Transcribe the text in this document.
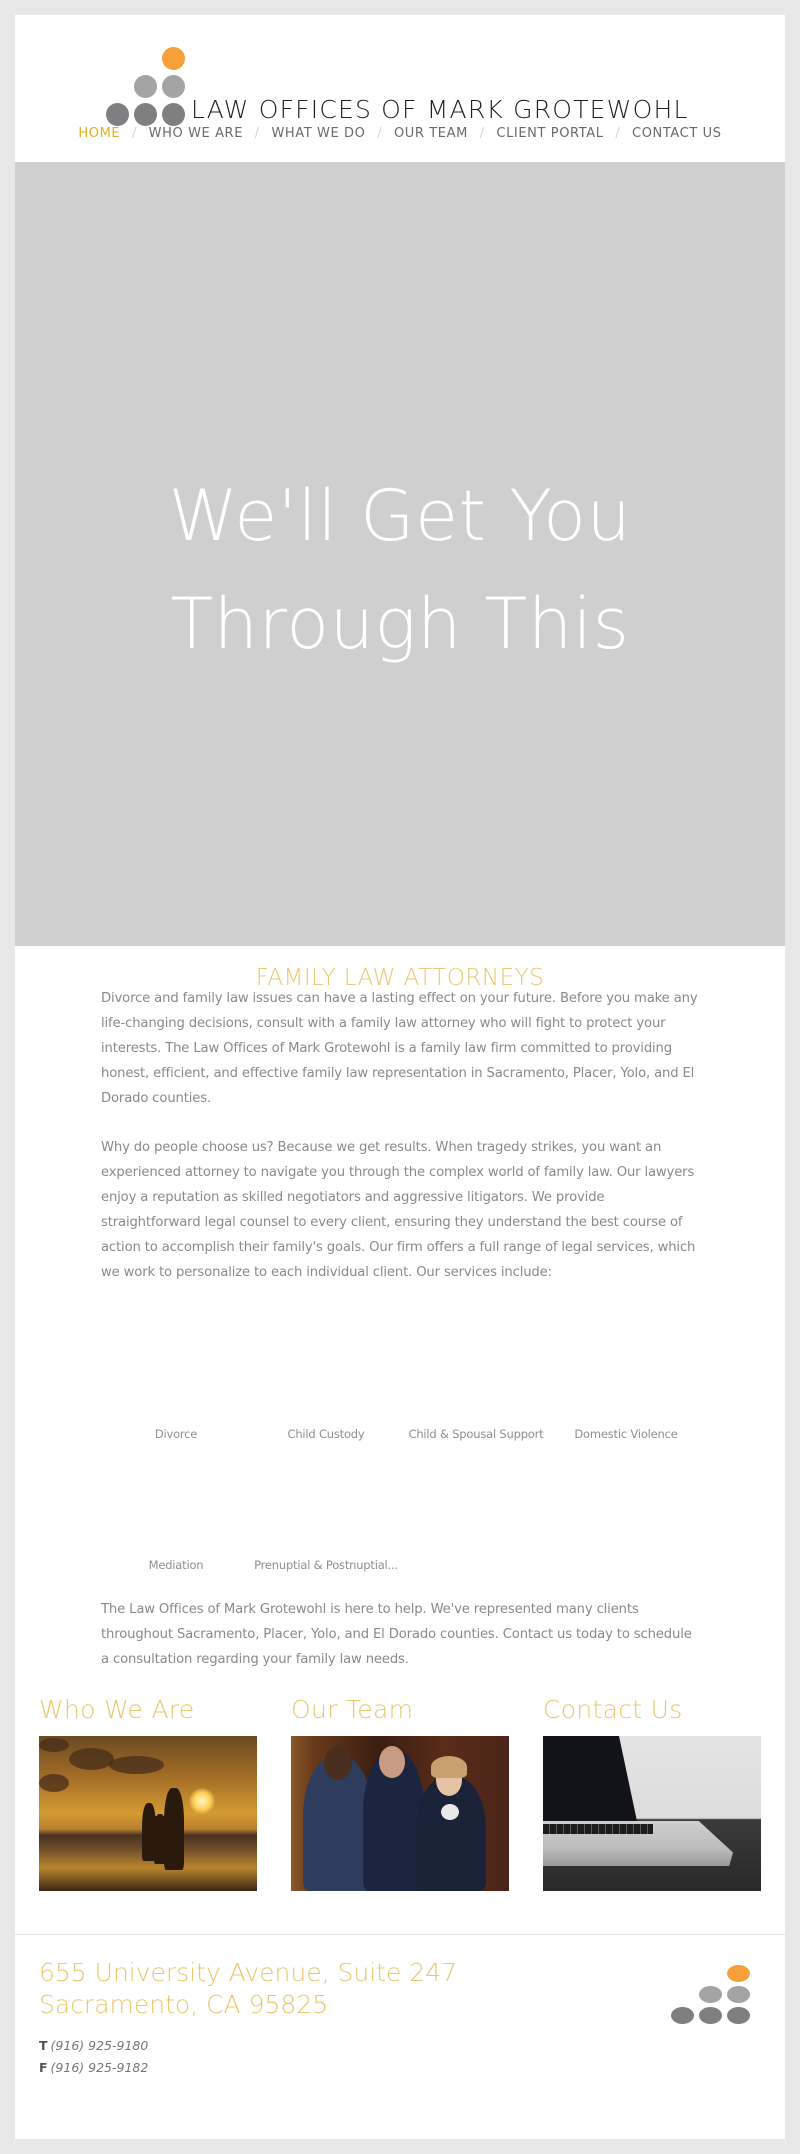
LAW OFFICES OF MARK GROTEWOHL
HOME / WHO WE ARE / WHAT WE DO / OUR TEAM / CLIENT PORTAL / CONTACT US
We'll Get You
Through This

Divorce and family law issues can have a lasting effect on your future. Before you make any life-changing decisions, consult with a family law attorney who will fight to protect your interests. The Law Offices of Mark Grotewohl is a family law firm committed to providing honest, efficient, and effective family law representation in Sacramento, Placer, Yolo, and El Dorado counties.

FAMILY LAW ATTORNEYS

Why do people choose us? Because we get results. When tragedy strikes, you want an experienced attorney to navigate you through the complex world of family law. Our lawyers enjoy a reputation as skilled negotiators and aggressive litigators. We provide straightforward legal counsel to every client, ensuring they understand the best course of action to accomplish their family's goals. Our firm offers a full range of legal services, which we work to personalize to each individual client. Our services include:

Divorce	Child Custody	Child & Spousal Support	Domestic Violence
Mediation	Prenuptial & Postnuptial...

The Law Offices of Mark Grotewohl is here to help. We've represented many clients throughout Sacramento, Placer, Yolo, and El Dorado counties. Contact us today to schedule a consultation regarding your family law needs.

Who We Are	Our Team	Contact Us
655 University Avenue, Suite 247
Sacramento, CA 95825
T (916) 925-9180
F (916) 925-9182
